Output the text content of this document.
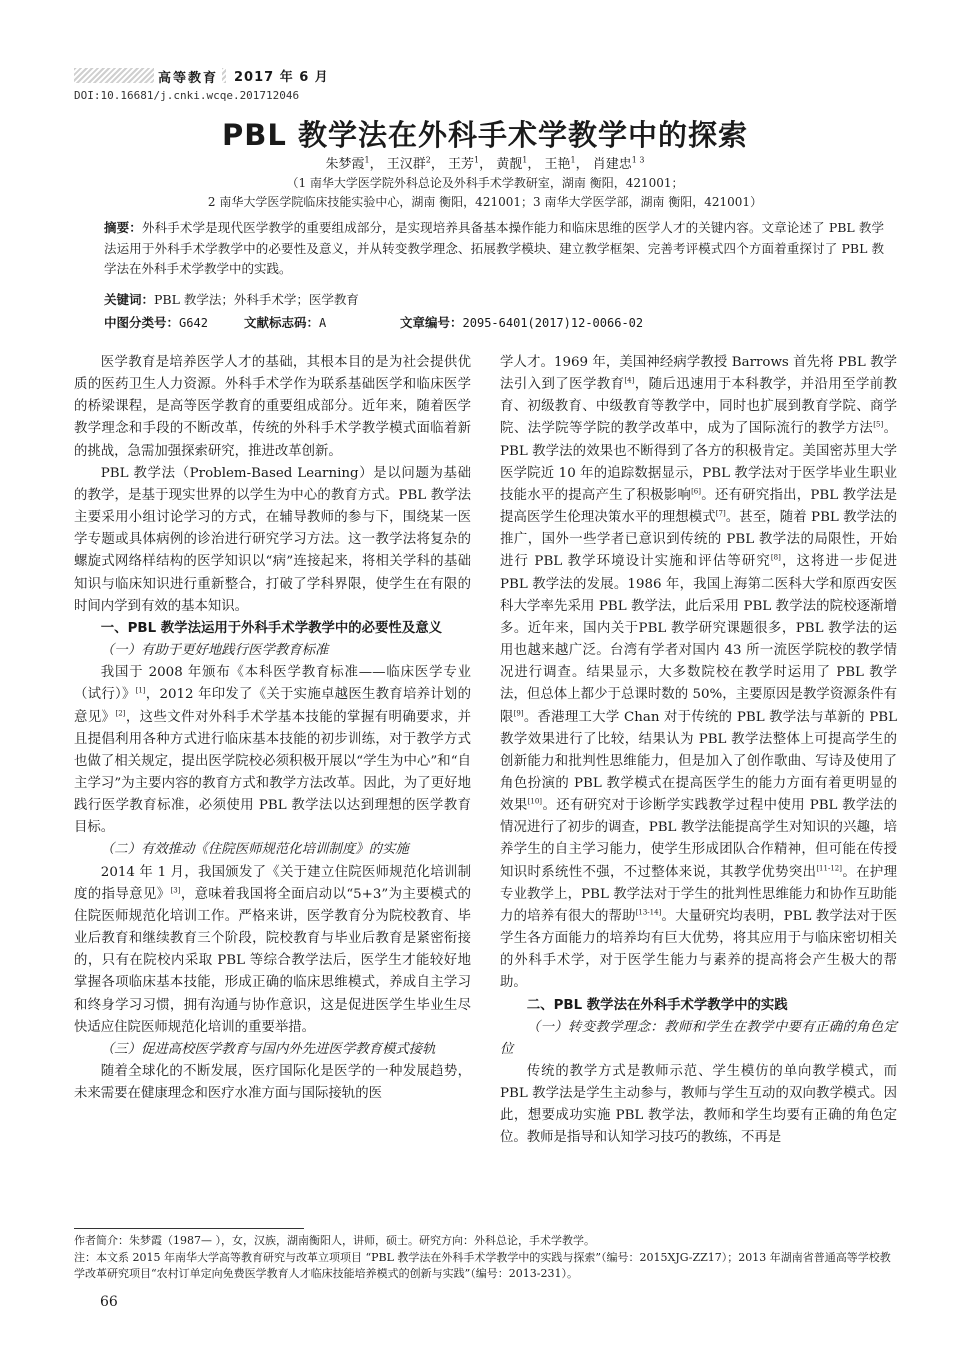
高等教育	2017 年 6 月
DOI:10.16681/j.cnki.wcqe.201712046
PBL 教学法在外科手术学教学中的探索
朱梦霞$^1$， 王汉群$^2$， 王芳$^1$， 黄靓$^1$， 王艳$^1$， 肖建忠$^{1 3}$
（1 南华大学医学院外科总论及外科手术学教研室，湖南 衡阳，421001；
2 南华大学医学院临床技能实验中心，湖南 衡阳，421001；3 南华大学医学部，湖南 衡阳，421001）
摘要：外科手术学是现代医学教学的重要组成部分，是实现培养具备基本操作能力和临床思维的医学人才的关键内容。文章论述了 PBL 教学法运用于外科手术学教学中的必要性及意义，并从转变教学理念、拓展教学模块、建立教学框架、完善考评模式四个方面着重探讨了 PBL 教学法在外科手术学教学中的实践。
关键词：PBL 教学法；外科手术学；医学教育
中图分类号：G642	文献标志码：A	文章编号：2095-6401(2017)12-0066-02

医学教育是培养医学人才的基础，其根本目的是为社会提供优质的医药卫生人力资源。外科手术学作为联系基础医学和临床医学的桥梁课程，是高等医学教育的重要组成部分。近年来，随着医学教学理念和手段的不断改革，传统的外科手术学教学模式面临着新的挑战，急需加强探索研究，推进改革创新。

PBL 教学法（Problem-Based Learning）是以问题为基础的教学，是基于现实世界的以学生为中心的教育方式。PBL 教学法主要采用小组讨论学习的方式，在辅导教师的参与下，围绕某一医学专题或具体病例的诊治进行研究学习方法。这一教学法将复杂的螺旋式网络样结构的医学知识以“病”连接起来，将相关学科的基础知识与临床知识进行重新整合，打破了学科界限，使学生在有限的时间内学到有效的基本知识。

一、PBL 教学法运用于外科手术学教学中的必要性及意义

（一）有助于更好地践行医学教育标准

我国于 2008 年颁布《本科医学教育标准——临床医学专业（试行）》[1]，2012 年印发了《关于实施卓越医生教育培养计划的意见》[2]，这些文件对外科手术学基本技能的掌握有明确要求，并且提倡利用各种方式进行临床基本技能的初步训练，对于教学方式也做了相关规定，提出医学院校必须积极开展以“学生为中心”和“自主学习”为主要内容的教育方式和教学方法改革。因此，为了更好地践行医学教育标准，必须使用 PBL 教学法以达到理想的医学教育目标。

（二）有效推动《住院医师规范化培训制度》的实施

2014 年 1 月，我国颁发了《关于建立住院医师规范化培训制度的指导意见》[3]，意味着我国将全面启动以“5+3”为主要模式的住院医师规范化培训工作。严格来讲，医学教育分为院校教育、毕业后教育和继续教育三个阶段，院校教育与毕业后教育是紧密衔接的，只有在院校内采取 PBL 等综合教学法后，医学生才能较好地掌握各项临床基本技能，形成正确的临床思维模式，养成自主学习和终身学习习惯，拥有沟通与协作意识，这是促进医学生毕业生尽快适应住院医师规范化培训的重要举措。

（三）促进高校医学教育与国内外先进医学教育模式接轨

随着全球化的不断发展，医疗国际化是医学的一种发展趋势，未来需要在健康理念和医疗水准方面与国际接轨的医

学人才。1969 年，美国神经病学教授 Barrows 首先将 PBL 教学法引入到了医学教育[4]，随后迅速用于本科教学，并沿用至学前教育、初级教育、中级教育等教学中，同时也扩展到教育学院、商学院、法学院等学院的教学改革中，成为了国际流行的教学方法[5]。PBL 教学法的效果也不断得到了各方的积极肯定。美国密苏里大学医学院近 10 年的追踪数据显示，PBL 教学法对于医学毕业生职业技能水平的提高产生了积极影响[6]。还有研究指出，PBL 教学法是提高医学生伦理决策水平的理想模式[7]。甚至，随着 PBL 教学法的推广，国外一些学者已意识到传统的 PBL 教学法的局限性，开始进行 PBL 教学环境设计实施和评估等研究[8]，这将进一步促进 PBL 教学法的发展。1986 年，我国上海第二医科大学和原西安医科大学率先采用 PBL 教学法，此后采用 PBL 教学法的院校逐渐增多。近年来，国内关于PBL 教学研究课题很多，PBL 教学法的运用也越来越广泛。台湾有学者对国内 43 所一流医学院校的教学情况进行调查。结果显示，大多数院校在教学时运用了 PBL 教学法，但总体上都少于总课时数的 50%，主要原因是教学资源条件有限[9]。香港理工大学 Chan 对于传统的 PBL 教学法与革新的 PBL 教学效果进行了比较，结果认为 PBL 教学法整体上可提高学生的创新能力和批判性思维能力，但是加入了创作歌曲、写诗及使用了角色扮演的 PBL 教学模式在提高医学生的能力方面有着更明显的效果[10]。还有研究对于诊断学实践教学过程中使用 PBL 教学法的情况进行了初步的调查，PBL 教学法能提高学生对知识的兴趣，培养学生的自主学习能力，使学生形成团队合作精神，但可能在传授知识时系统性不强，不过整体来说，其教学优势突出[11-12]。在护理专业教学上，PBL 教学法对于学生的批判性思维能力和协作互助能力的培养有很大的帮助[13-14]。大量研究均表明，PBL 教学法对于医学生各方面能力的培养均有巨大优势，将其应用于与临床密切相关的外科手术学，对于医学生能力与素养的提高将会产生极大的帮助。

二、PBL 教学法在外科手术学教学中的实践

（一）转变教学理念：教师和学生在教学中要有正确的角色定位

传统的教学方式是教师示范、学生模仿的单向教学模式，而 PBL 教学法是学生主动参与，教师与学生互动的双向教学模式。因此，想要成功实施 PBL 教学法，教师和学生均要有正确的角色定位。教师是指导和认知学习技巧的教练，不再是

作者简介：朱梦霞（1987— ），女，汉族，湖南衡阳人，讲师，硕士。研究方向：外科总论，手术学教学。
注：本文系 2015 年南华大学高等教育研究与改革立项项目 “PBL 教学法在外科手术学教学中的实践与探索”（编号：2015XJG-ZZ17）；2013 年湖南省普通高等学校教学改革研究项目“农村订单定向免费医学教育人才临床技能培养模式的创新与实践”（编号：2013-231）。
66
